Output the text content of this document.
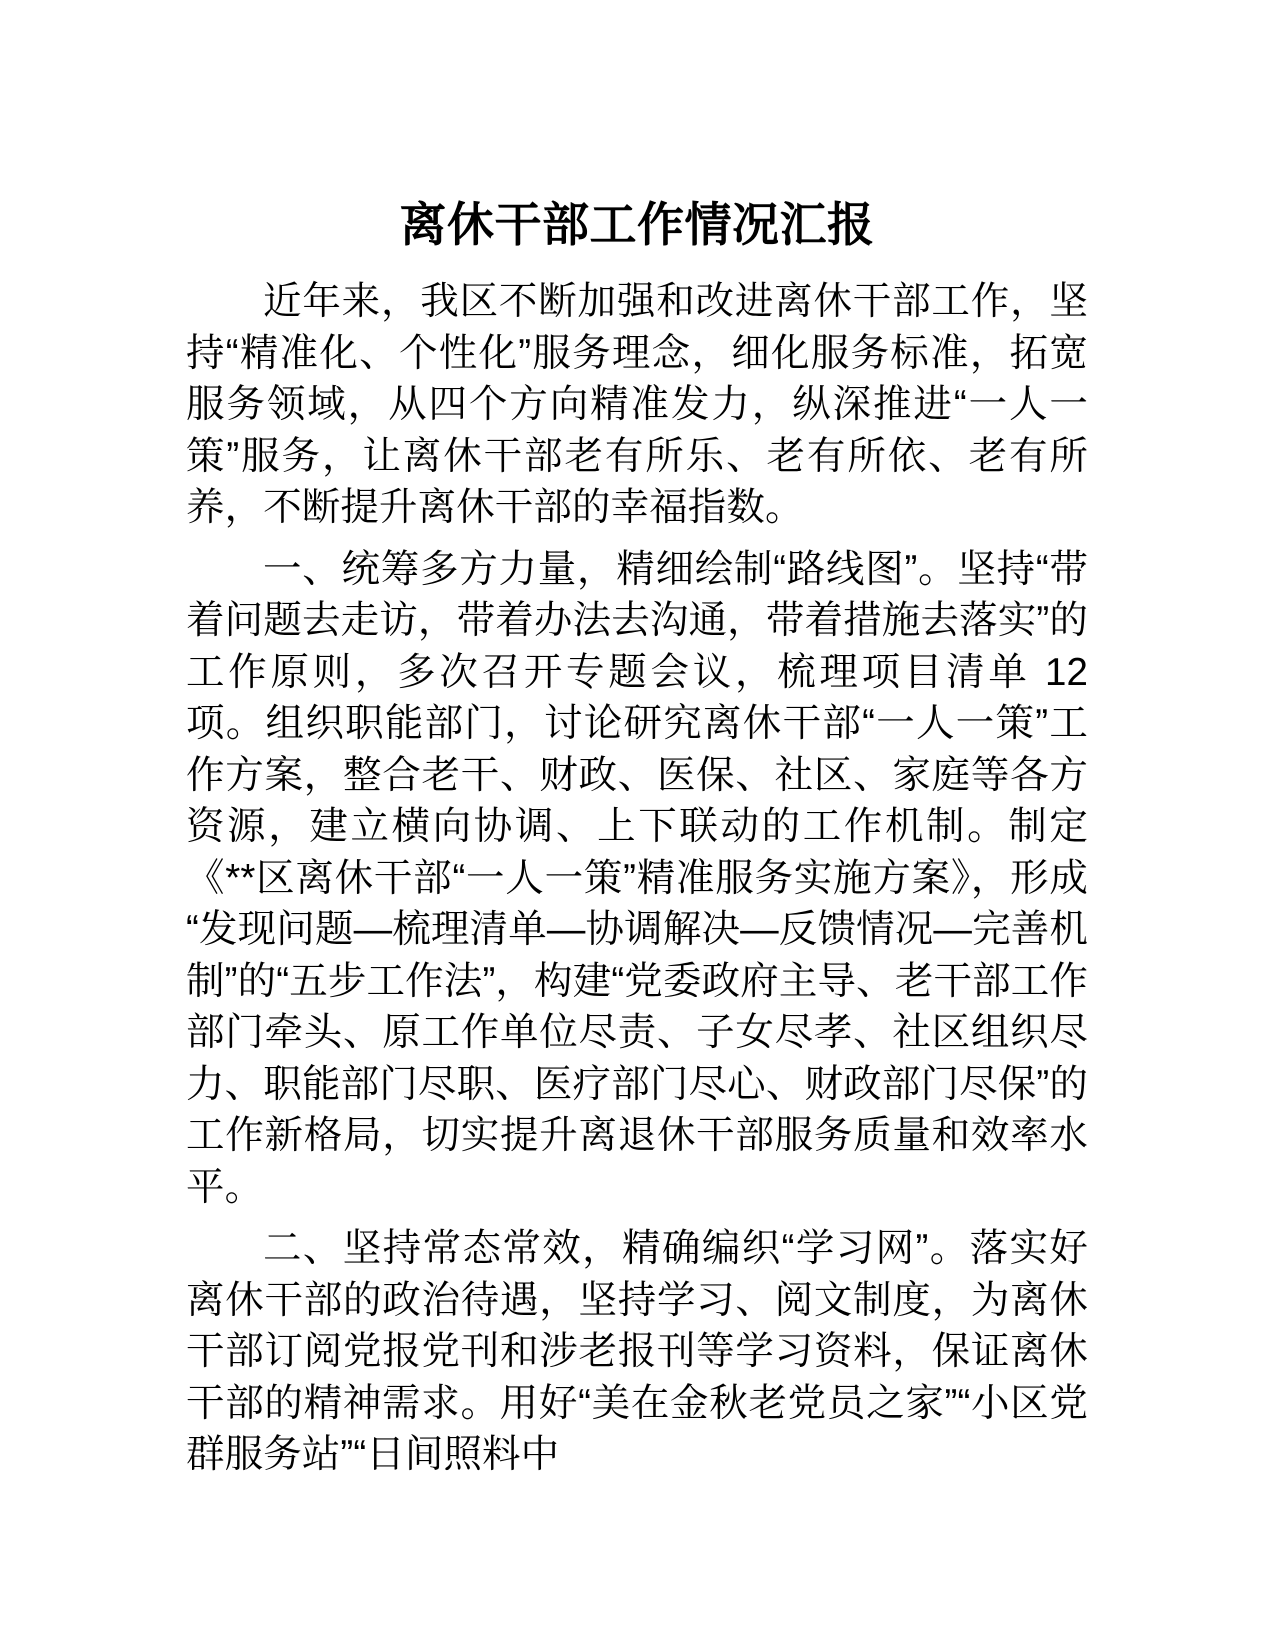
离休干部工作情况汇报

近年来，我区不断加强和改进离休干部工作，坚持“精准化、个性化”服务理念，细化服务标准，拓宽服务领域，从四个方向精准发力，纵深推进“一人一策”服务，让离休干部老有所乐、老有所依、老有所养，不断提升离休干部的幸福指数。

一、统筹多方力量，精细绘制“路线图”。坚持“带着问题去走访，带着办法去沟通，带着措施去落实”的工作原则，多次召开专题会议，梳理项目清单 12 项。组织职能部门，讨论研究离休干部“一人一策”工作方案，整合老干、财政、医保、社区、家庭等各方资源，建立横向协调、上下联动的工作机制。制定《**区离休干部“一人一策”精准服务实施方案》，形成“发现问题—梳理清单—协调解决—反馈情况—完善机制”的“五步工作法”，构建“党委政府主导、老干部工作部门牵头、原工作单位尽责、子女尽孝、社区组织尽力、职能部门尽职、医疗部门尽心、财政部门尽保”的工作新格局，切实提升离退休干部服务质量和效率水平。

二、坚持常态常效，精确编织“学习网”。落实好离休干部的政治待遇，坚持学习、阅文制度，为离休干部订阅党报党刊和涉老报刊等学习资料，保证离休干部的精神需求。用好“美在金秋老党员之家”“小区党群服务站”“日间照料中
